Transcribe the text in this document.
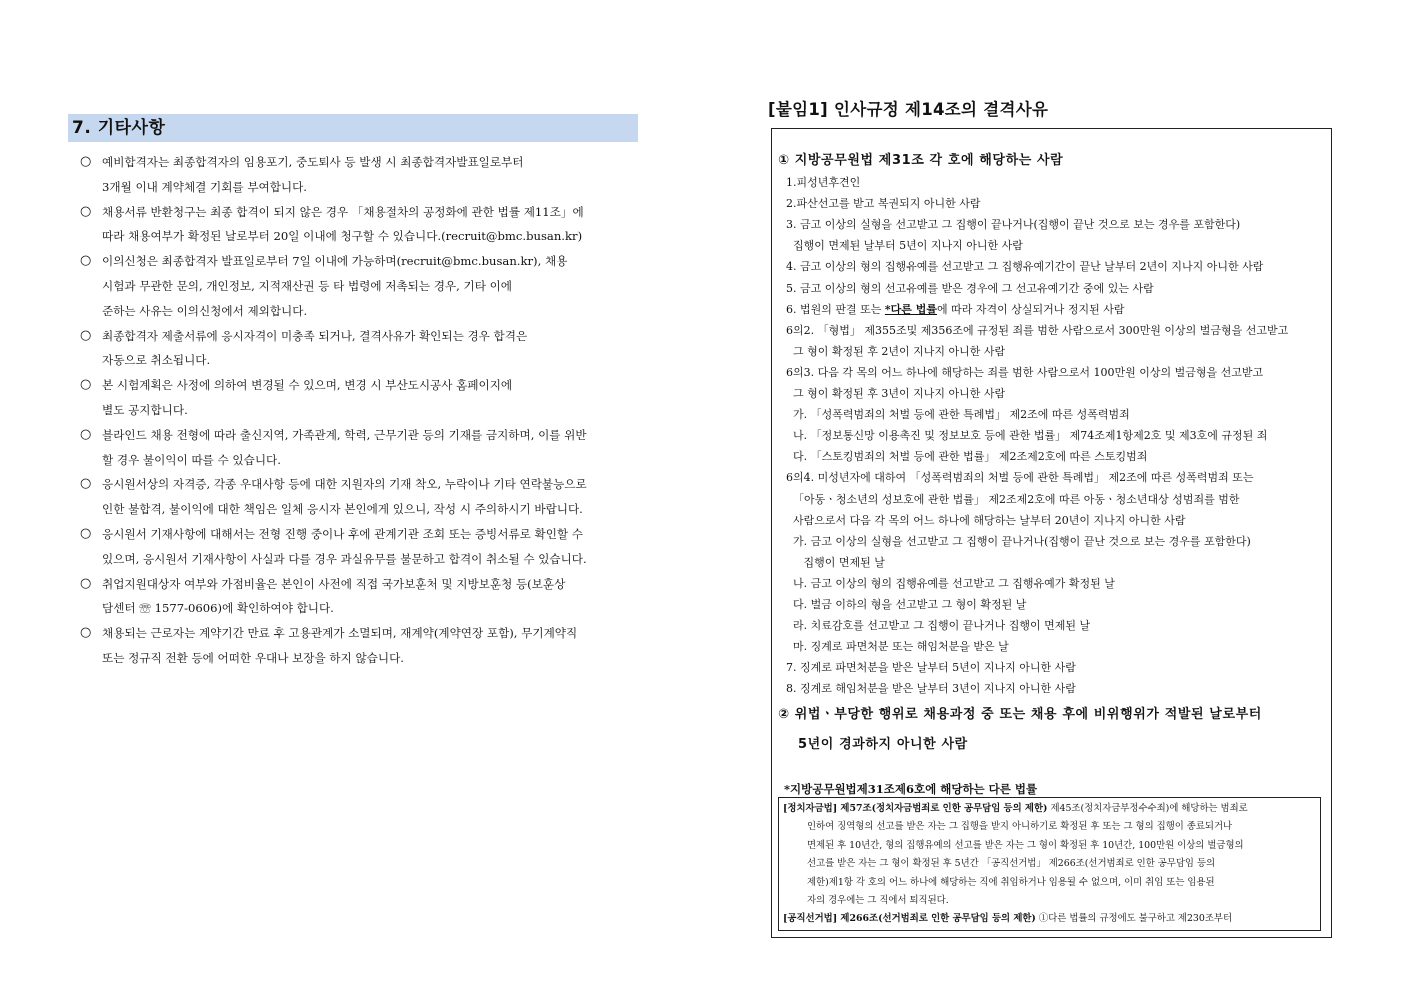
7. 기타사항
○ 예비합격자는 최종합격자의 임용포기, 중도퇴사 등 발생 시 최종합격자발표일로부터
3개월 이내 계약체결 기회를 부여합니다.
○ 채용서류 반환청구는 최종 합격이 되지 않은 경우 「채용절차의 공정화에 관한 법률 제11조」에
따라 채용여부가 확정된 날로부터 20일 이내에 청구할 수 있습니다.(recruit@bmc.busan.kr)
○ 이의신청은 최종합격자 발표일로부터 7일 이내에 가능하며(recruit@bmc.busan.kr), 채용
시험과 무관한 문의, 개인정보, 지적재산권 등 타 법령에 저촉되는 경우, 기타 이에
준하는 사유는 이의신청에서 제외합니다.
○ 최종합격자 제출서류에 응시자격이 미충족 되거나, 결격사유가 확인되는 경우 합격은
자동으로 취소됩니다.
○ 본 시험계획은 사정에 의하여 변경될 수 있으며, 변경 시 부산도시공사 홈페이지에
별도 공지합니다.
○ 블라인드 채용 전형에 따라 출신지역, 가족관계, 학력, 근무기관 등의 기재를 금지하며, 이를 위반
할 경우 불이익이 따를 수 있습니다.
○ 응시원서상의 자격증, 각종 우대사항 등에 대한 지원자의 기재 착오, 누락이나 기타 연락불능으로
인한 불합격, 불이익에 대한 책임은 일체 응시자 본인에게 있으니, 작성 시 주의하시기 바랍니다.
○ 응시원서 기재사항에 대해서는 전형 진행 중이나 후에 관계기관 조회 또는 증빙서류로 확인할 수
있으며, 응시원서 기재사항이 사실과 다를 경우 과실유무를 불문하고 합격이 취소될 수 있습니다.
○ 취업지원대상자 여부와 가점비율은 본인이 사전에 직접 국가보훈처 및 지방보훈청 등(보훈상
담센터 ☏ 1577-0606)에 확인하여야 합니다.
○ 채용되는 근로자는 계약기간 만료 후 고용관계가 소멸되며, 재계약(계약연장 포함), 무기계약직
또는 정규직 전환 등에 어떠한 우대나 보장을 하지 않습니다.
[붙임1] 인사규정 제14조의 결격사유
① 지방공무원법 제31조 각 호에 해당하는 사람
1.피성년후견인
2.파산선고를 받고 복권되지 아니한 사람
3. 금고 이상의 실형을 선고받고 그 집행이 끝나거나(집행이 끝난 것으로 보는 경우를 포함한다)
집행이 면제된 날부터 5년이 지나지 아니한 사람
4. 금고 이상의 형의 집행유예를 선고받고 그 집행유예기간이 끝난 날부터 2년이 지나지 아니한 사람
5. 금고 이상의 형의 선고유예를 받은 경우에 그 선고유예기간 중에 있는 사람
6. 법원의 판결 또는 *다른 법률에 따라 자격이 상실되거나 정지된 사람
6의2. 「형법」 제355조및 제356조에 규정된 죄를 범한 사람으로서 300만원 이상의 벌금형을 선고받고
그 형이 확정된 후 2년이 지나지 아니한 사람
6의3. 다음 각 목의 어느 하나에 해당하는 죄를 범한 사람으로서 100만원 이상의 벌금형을 선고받고
그 형이 확정된 후 3년이 지나지 아니한 사람
가. 「성폭력범죄의 처벌 등에 관한 특례법」 제2조에 따른 성폭력범죄
나. 「정보통신망 이용촉진 및 정보보호 등에 관한 법률」 제74조제1항제2호 및 제3호에 규정된 죄
다. 「스토킹범죄의 처벌 등에 관한 법률」 제2조제2호에 따른 스토킹범죄
6의4. 미성년자에 대하여 「성폭력범죄의 처벌 등에 관한 특례법」 제2조에 따른 성폭력범죄 또는
「아동ㆍ청소년의 성보호에 관한 법률」 제2조제2호에 따른 아동ㆍ청소년대상 성범죄를 범한
사람으로서 다음 각 목의 어느 하나에 해당하는 날부터 20년이 지나지 아니한 사람
가. 금고 이상의 실형을 선고받고 그 집행이 끝나거나(집행이 끝난 것으로 보는 경우를 포함한다)
집행이 면제된 날
나. 금고 이상의 형의 집행유예를 선고받고 그 집행유예가 확정된 날
다. 벌금 이하의 형을 선고받고 그 형이 확정된 날
라. 치료감호를 선고받고 그 집행이 끝나거나 집행이 면제된 날
마. 징계로 파면처분 또는 해임처분을 받은 날
7. 징계로 파면처분을 받은 날부터 5년이 지나지 아니한 사람
8. 징계로 해임처분을 받은 날부터 3년이 지나지 아니한 사람
② 위법ㆍ부당한 행위로 채용과정 중 또는 채용 후에 비위행위가 적발된 날로부터
5년이 경과하지 아니한 사람
*지방공무원법제31조제6호에 해당하는 다른 법률
[정치자금법] 제57조(정치자금범죄로 인한 공무담임 등의 제한) 제45조(정치자금부정수수죄)에 해당하는 범죄로
인하여 징역형의 선고를 받은 자는 그 집행을 받지 아니하기로 확정된 후 또는 그 형의 집행이 종료되거나
면제된 후 10년간, 형의 집행유예의 선고를 받은 자는 그 형이 확정된 후 10년간, 100만원 이상의 벌금형의
선고를 받은 자는 그 형이 확정된 후 5년간 「공직선거법」 제266조(선거범죄로 인한 공무담임 등의
제한)제1항 각 호의 어느 하나에 해당하는 직에 취임하거나 임용될 수 없으며, 이미 취임 또는 임용된
자의 경우에는 그 직에서 퇴직된다.
[공직선거법] 제266조(선거범죄로 인한 공무담임 등의 제한) ①다른 법률의 규정에도 불구하고 제230조부터
